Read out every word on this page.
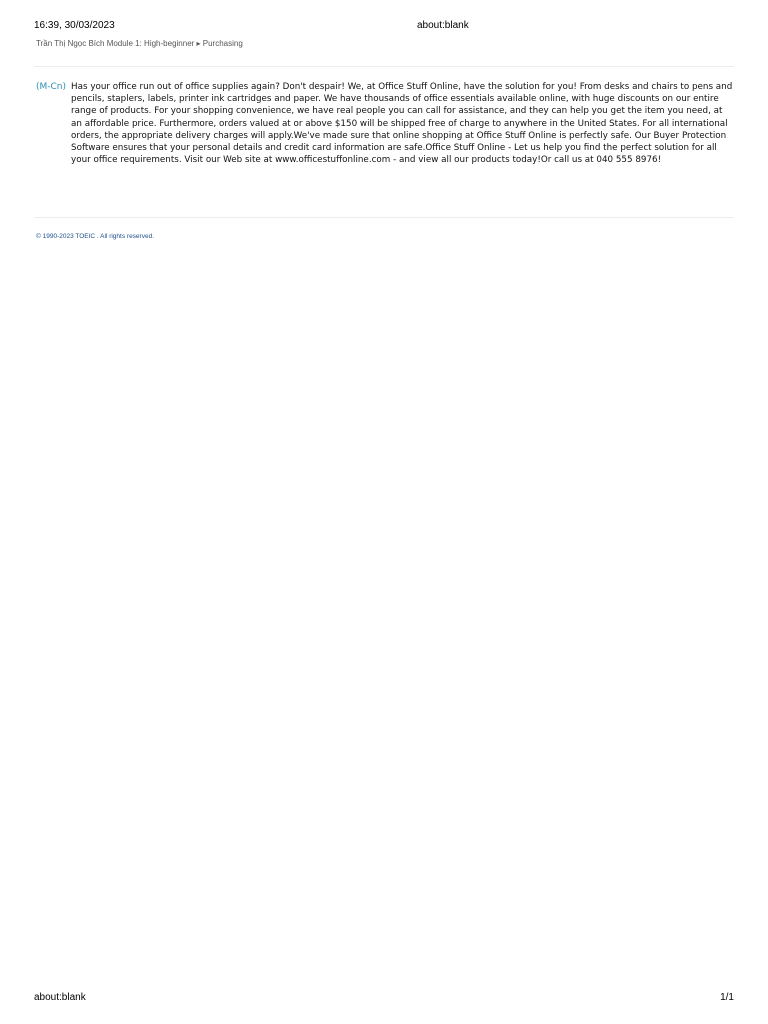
16:39, 30/03/2023	about:blank
Trần Thị Ngọc Bích Module 1: High-beginner ▸ Purchasing
(M-Cn) Has your office run out of office supplies again? Don't despair! We, at Office Stuff Online, have the solution for you! From desks and chairs to pens and pencils, staplers, labels, printer ink cartridges and paper. We have thousands of office essentials available online, with huge discounts on our entire range of products. For your shopping convenience, we have real people you can call for assistance, and they can help you get the item you need, at an affordable price. Furthermore, orders valued at or above $150 will be shipped free of charge to anywhere in the United States. For all international orders, the appropriate delivery charges will apply.We've made sure that online shopping at Office Stuff Online is perfectly safe. Our Buyer Protection Software ensures that your personal details and credit card information are safe.Office Stuff Online - Let us help you find the perfect solution for all your office requirements. Visit our Web site at www.officestuffonline.com - and view all our products today!Or call us at 040 555 8976!

© 1990-2023 TOEIC . All rights reserved.
about:blank	1/1
